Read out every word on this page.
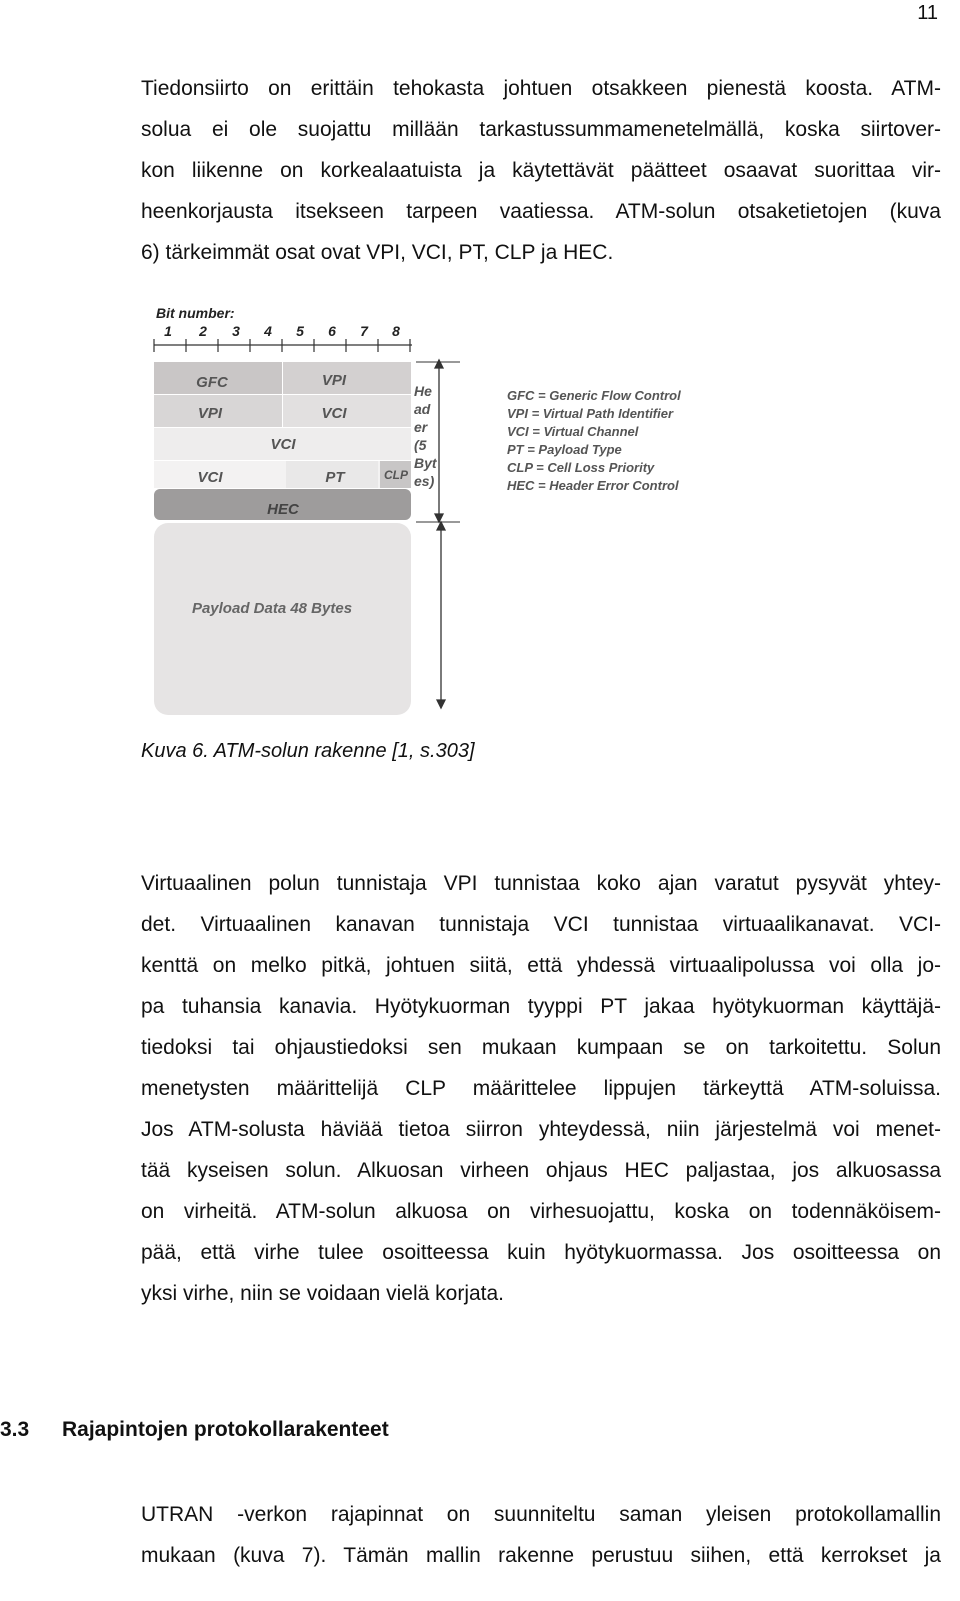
11

Tiedonsiirto on erittäin tehokasta johtuen otsakkeen pienestä koosta. ATM-
solua ei ole suojattu millään tarkastussummamenetelmällä, koska siirtover-
kon liikenne on korkealaatuista ja käytettävät päätteet osaavat suorittaa vir-
heenkorjausta itsekseen tarpeen vaatiessa. ATM-solun otsaketietojen (kuva
6) tärkeimmät osat ovat VPI, VCI, PT, CLP ja HEC.

Bit number:
1 2 3 4 5 6 7 8
GFC	VPI
VPI	VCI
VCI
VCI	PT	CLP
HEC
Payload Data 48 Bytes
He
ad
er
(5
Byt
es)
GFC = Generic Flow Control
VPI = Virtual Path Identifier
VCI = Virtual Channel
PT = Payload Type
CLP = Cell Loss Priority
HEC = Header Error Control
Kuva 6. ATM-solun rakenne [1, s.303]

Virtuaalinen polun tunnistaja VPI tunnistaa koko ajan varatut pysyvät yhtey-
det. Virtuaalinen kanavan tunnistaja VCI tunnistaa virtuaalikanavat. VCI-
kenttä on melko pitkä, johtuen siitä, että yhdessä virtuaalipolussa voi olla jo-
pa tuhansia kanavia. Hyötykuorman tyyppi PT jakaa hyötykuorman käyttäjä-
tiedoksi tai ohjaustiedoksi sen mukaan kumpaan se on tarkoitettu. Solun
menetysten määrittelijä CLP määrittelee lippujen tärkeyttä ATM-soluissa.
Jos ATM-solusta häviää tietoa siirron yhteydessä, niin järjestelmä voi menet-
tää kyseisen solun. Alkuosan virheen ohjaus HEC paljastaa, jos alkuosassa
on virheitä. ATM-solun alkuosa on virhesuojattu, koska on todennäköisem-
pää, että virhe tulee osoitteessa kuin hyötykuormassa. Jos osoitteessa on
yksi virhe, niin se voidaan vielä korjata.

3.3 Rajapintojen protokollarakenteet

UTRAN -verkon rajapinnat on suunniteltu saman yleisen protokollamallin
mukaan (kuva 7). Tämän mallin rakenne perustuu siihen, että kerrokset ja
